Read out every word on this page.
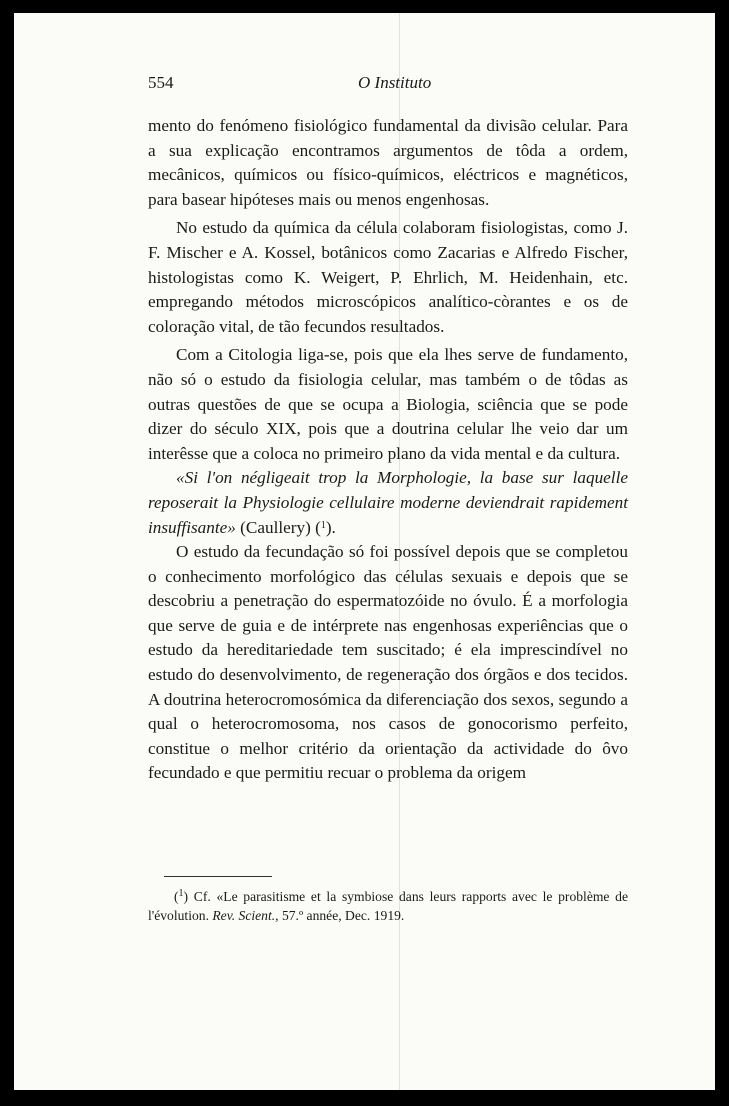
554	O Instituto

mento do fenómeno fisiológico fundamental da divisão celular. Para a sua explicação encontramos argumentos de tôda a ordem, mecânicos, químicos ou físico-químicos, eléctricos e magnéticos, para basear hipóteses mais ou menos engenhosas.

No estudo da química da célula colaboram fisiologistas, como J. F. Mischer e A. Kossel, botânicos como Zacarias e Alfredo Fischer, histologistas como K. Weigert, P. Ehrlich, M. Heidenhain, etc. empregando métodos microscópicos analítico-còrantes e os de coloração vital, de tão fecundos resultados.

Com a Citologia liga-se, pois que ela lhes serve de fundamento, não só o estudo da fisiologia celular, mas também o de tôdas as outras questões de que se ocupa a Biologia, sciência que se pode dizer do século XIX, pois que a doutrina celular lhe veio dar um interêsse que a coloca no primeiro plano da vida mental e da cultura.

«Si l'on négligeait trop la Morphologie, la base sur laquelle reposerait la Physiologie cellulaire moderne deviendrait rapidement insuffisante» (Caullery) ($^1$).

O estudo da fecundação só foi possível depois que se completou o conhecimento morfológico das células sexuais e depois que se descobriu a penetração do espermatozóide no óvulo. É a morfologia que serve de guia e de intérprete nas engenhosas experiências que o estudo da hereditariedade tem suscitado; é ela imprescindível no estudo do desenvolvimento, de regeneração dos órgãos e dos tecidos. A doutrina heterocromosómica da diferenciação dos sexos, segundo a qual o heterocromosoma, nos casos de gonocorismo perfeito, constitue o melhor critério da orientação da actividade do ôvo fecundado e que permitiu recuar o problema da origem

($^1$) Cf. «Le parasitisme et la symbiose dans leurs rapports avec le problème de l'évolution. Rev. Scient., 57.º année, Dec. 1919.
